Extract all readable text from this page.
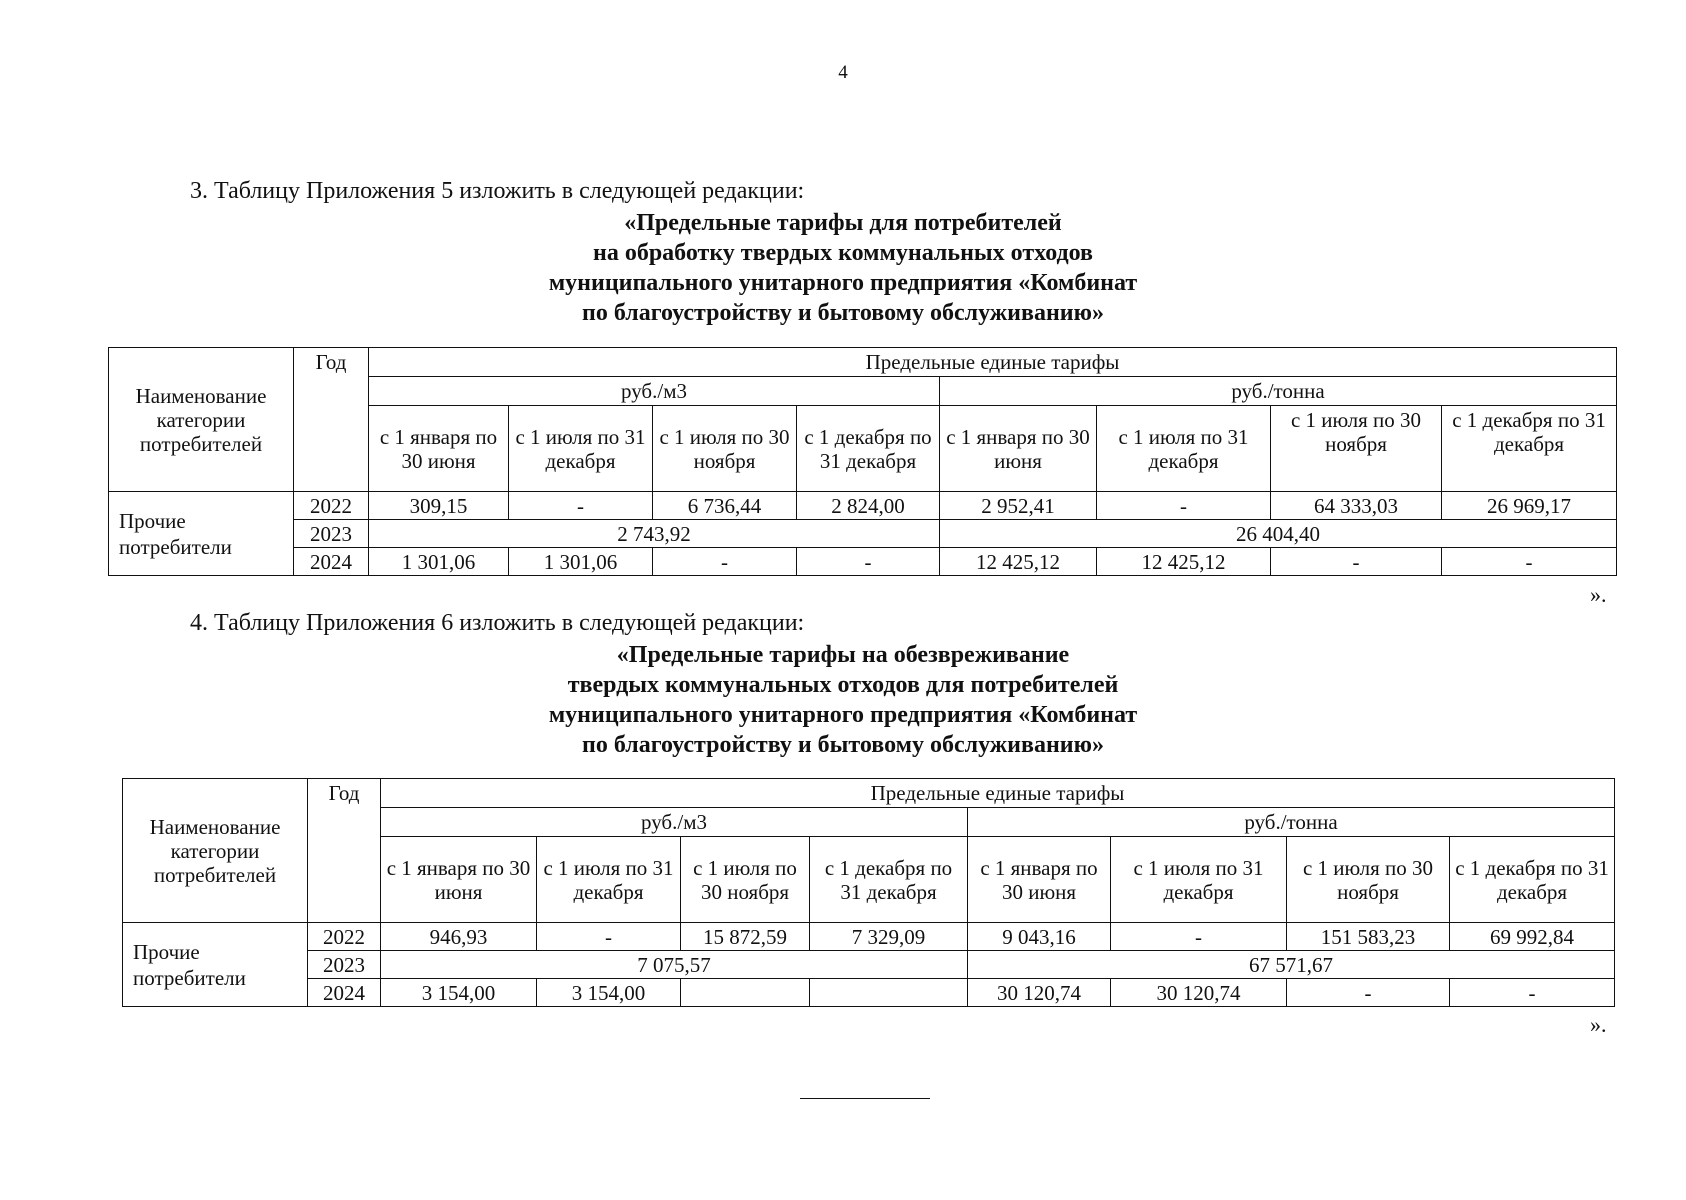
4
3. Таблицу Приложения 5 изложить в следующей редакции:
«Предельные тарифы для потребителей
на обработку твердых коммунальных отходов
муниципального унитарного предприятия «Комбинат
по благоустройству и бытовому обслуживанию»
Наименование категории потребителей	Год	Предельные единые тарифы							
		руб./м3				руб./тонна			
		с 1 января по 30 июня	с 1 июля по 31 декабря	с 1 июля по 30 ноября	с 1 декабря по 31 декабря	с 1 января по 30 июня	с 1 июля по 31 декабря	с 1 июля по 30 ноября	с 1 декабря по 31 декабря
Прочие потребители	2022	309,15	-	6 736,44	2 824,00	2 952,41	-	64 333,03	26 969,17
	2023	2 743,92				26 404,40			
	2024	1 301,06	1 301,06	-	-	12 425,12	12 425,12	-	-
».
4. Таблицу Приложения 6 изложить в следующей редакции:
«Предельные тарифы на обезвреживание
твердых коммунальных отходов для потребителей
муниципального унитарного предприятия «Комбинат
по благоустройству и бытовому обслуживанию»
Наименование категории потребителей	Год	Предельные единые тарифы							
		руб./м3				руб./тонна			
		с 1 января по 30 июня	с 1 июля по 31 декабря	с 1 июля по 30 ноября	с 1 декабря по 31 декабря	с 1 января по 30 июня	с 1 июля по 31 декабря	с 1 июля по 30 ноября	с 1 декабря по 31 декабря
Прочие потребители	2022	946,93	-	15 872,59	7 329,09	9 043,16	-	151 583,23	69 992,84
	2023	7 075,57				67 571,67			
	2024	3 154,00	3 154,00			30 120,74	30 120,74	-	-
».
